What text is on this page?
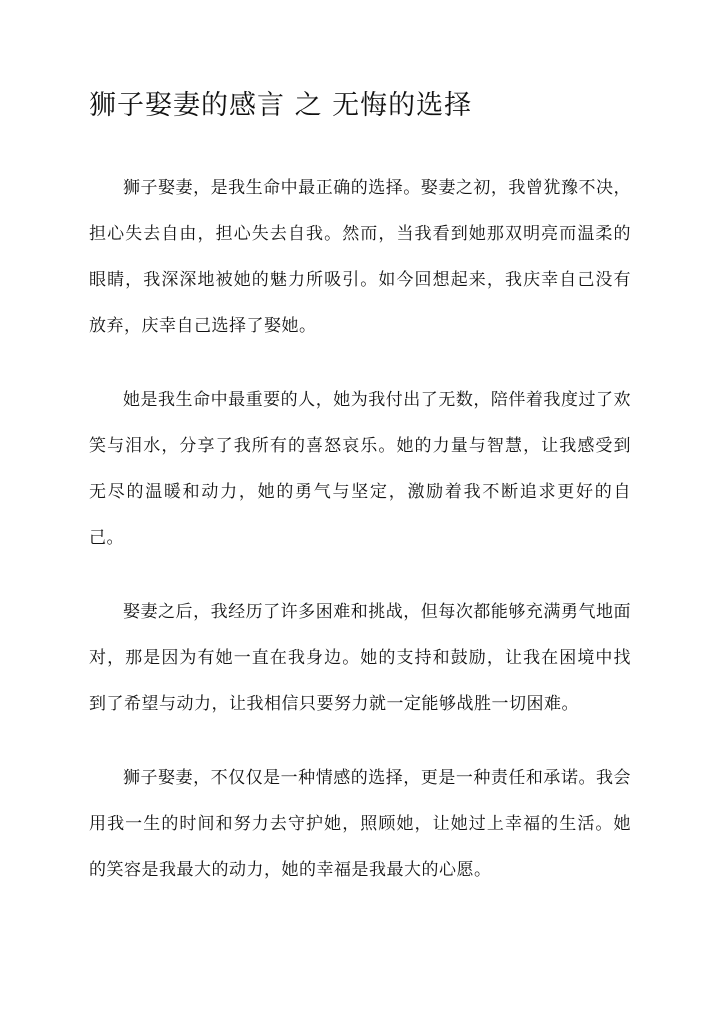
狮子娶妻的感言 之 无悔的选择

狮子娶妻，是我生命中最正确的选择。娶妻之初，我曾犹豫不决，担心失去自由，担心失去自我。然而，当我看到她那双明亮而温柔的眼睛，我深深地被她的魅力所吸引。如今回想起来，我庆幸自己没有放弃，庆幸自己选择了娶她。

她是我生命中最重要的人，她为我付出了无数，陪伴着我度过了欢笑与泪水，分享了我所有的喜怒哀乐。她的力量与智慧，让我感受到无尽的温暖和动力，她的勇气与坚定，激励着我不断追求更好的自己。

娶妻之后，我经历了许多困难和挑战，但每次都能够充满勇气地面对，那是因为有她一直在我身边。她的支持和鼓励，让我在困境中找到了希望与动力，让我相信只要努力就一定能够战胜一切困难。

狮子娶妻，不仅仅是一种情感的选择，更是一种责任和承诺。我会用我一生的时间和努力去守护她，照顾她，让她过上幸福的生活。她的笑容是我最大的动力，她的幸福是我最大的心愿。
